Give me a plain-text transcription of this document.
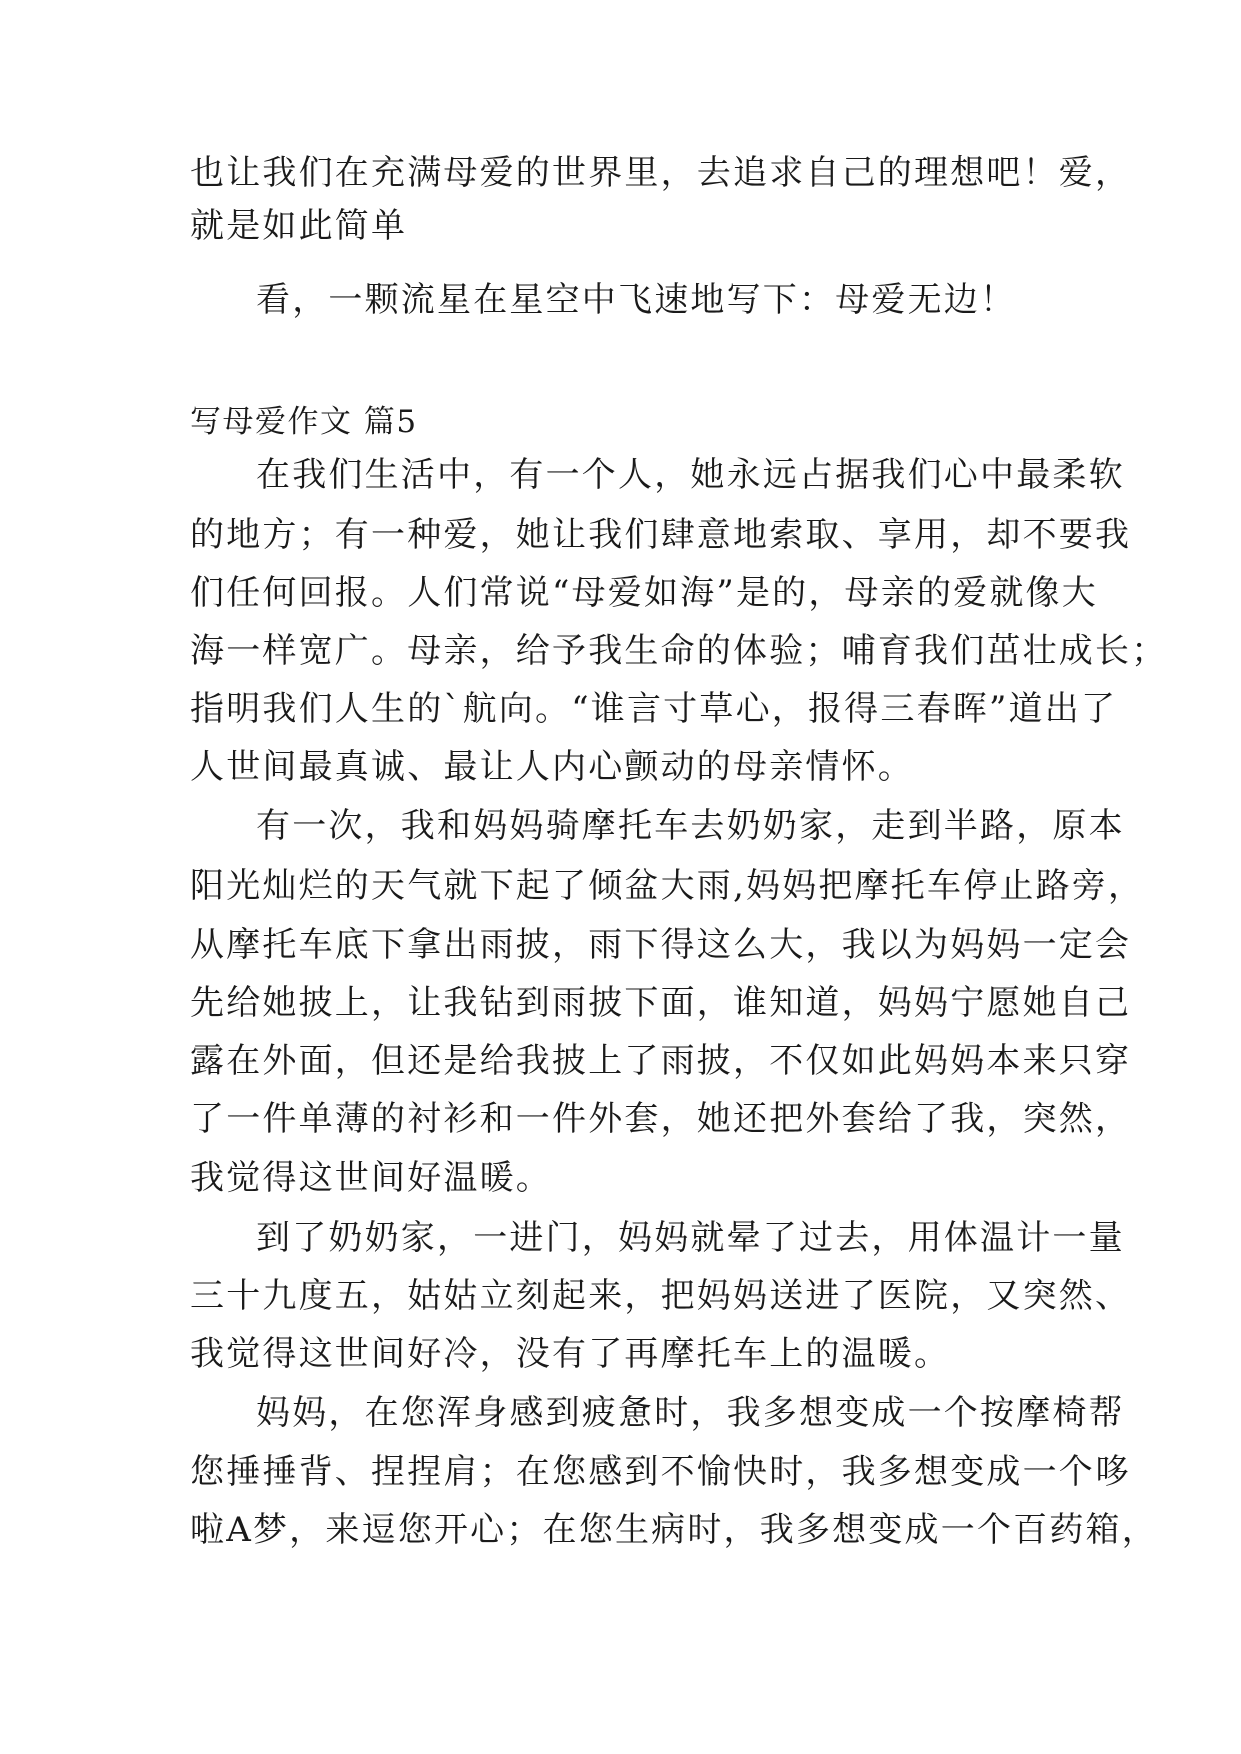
也让我们在充满母爱的世界里，去追求自己的理想吧！爱，
就是如此简单
看，一颗流星在星空中飞速地写下：母爱无边！
写母爱作文 篇5
在我们生活中，有一个人，她永远占据我们心中最柔软
的地方；有一种爱，她让我们肆意地索取、享用，却不要我
们任何回报。人们常说“母爱如海”是的，母亲的爱就像大
海一样宽广。母亲，给予我生命的体验；哺育我们茁壮成长；
指明我们人生的`航向。“谁言寸草心，报得三春晖”道出了
人世间最真诚、最让人内心颤动的母亲情怀。
有一次，我和妈妈骑摩托车去奶奶家，走到半路，原本
阳光灿烂的天气就下起了倾盆大雨,妈妈把摩托车停止路旁，
从摩托车底下拿出雨披，雨下得这么大，我以为妈妈一定会
先给她披上，让我钻到雨披下面，谁知道，妈妈宁愿她自己
露在外面，但还是给我披上了雨披，不仅如此妈妈本来只穿
了一件单薄的衬衫和一件外套，她还把外套给了我，突然，
我觉得这世间好温暖。
到了奶奶家，一进门，妈妈就晕了过去，用体温计一量
三十九度五，姑姑立刻起来，把妈妈送进了医院，又突然、
我觉得这世间好冷，没有了再摩托车上的温暖。
妈妈，在您浑身感到疲惫时，我多想变成一个按摩椅帮
您捶捶背、捏捏肩；在您感到不愉快时，我多想变成一个哆
啦A梦，来逗您开心；在您生病时，我多想变成一个百药箱，
